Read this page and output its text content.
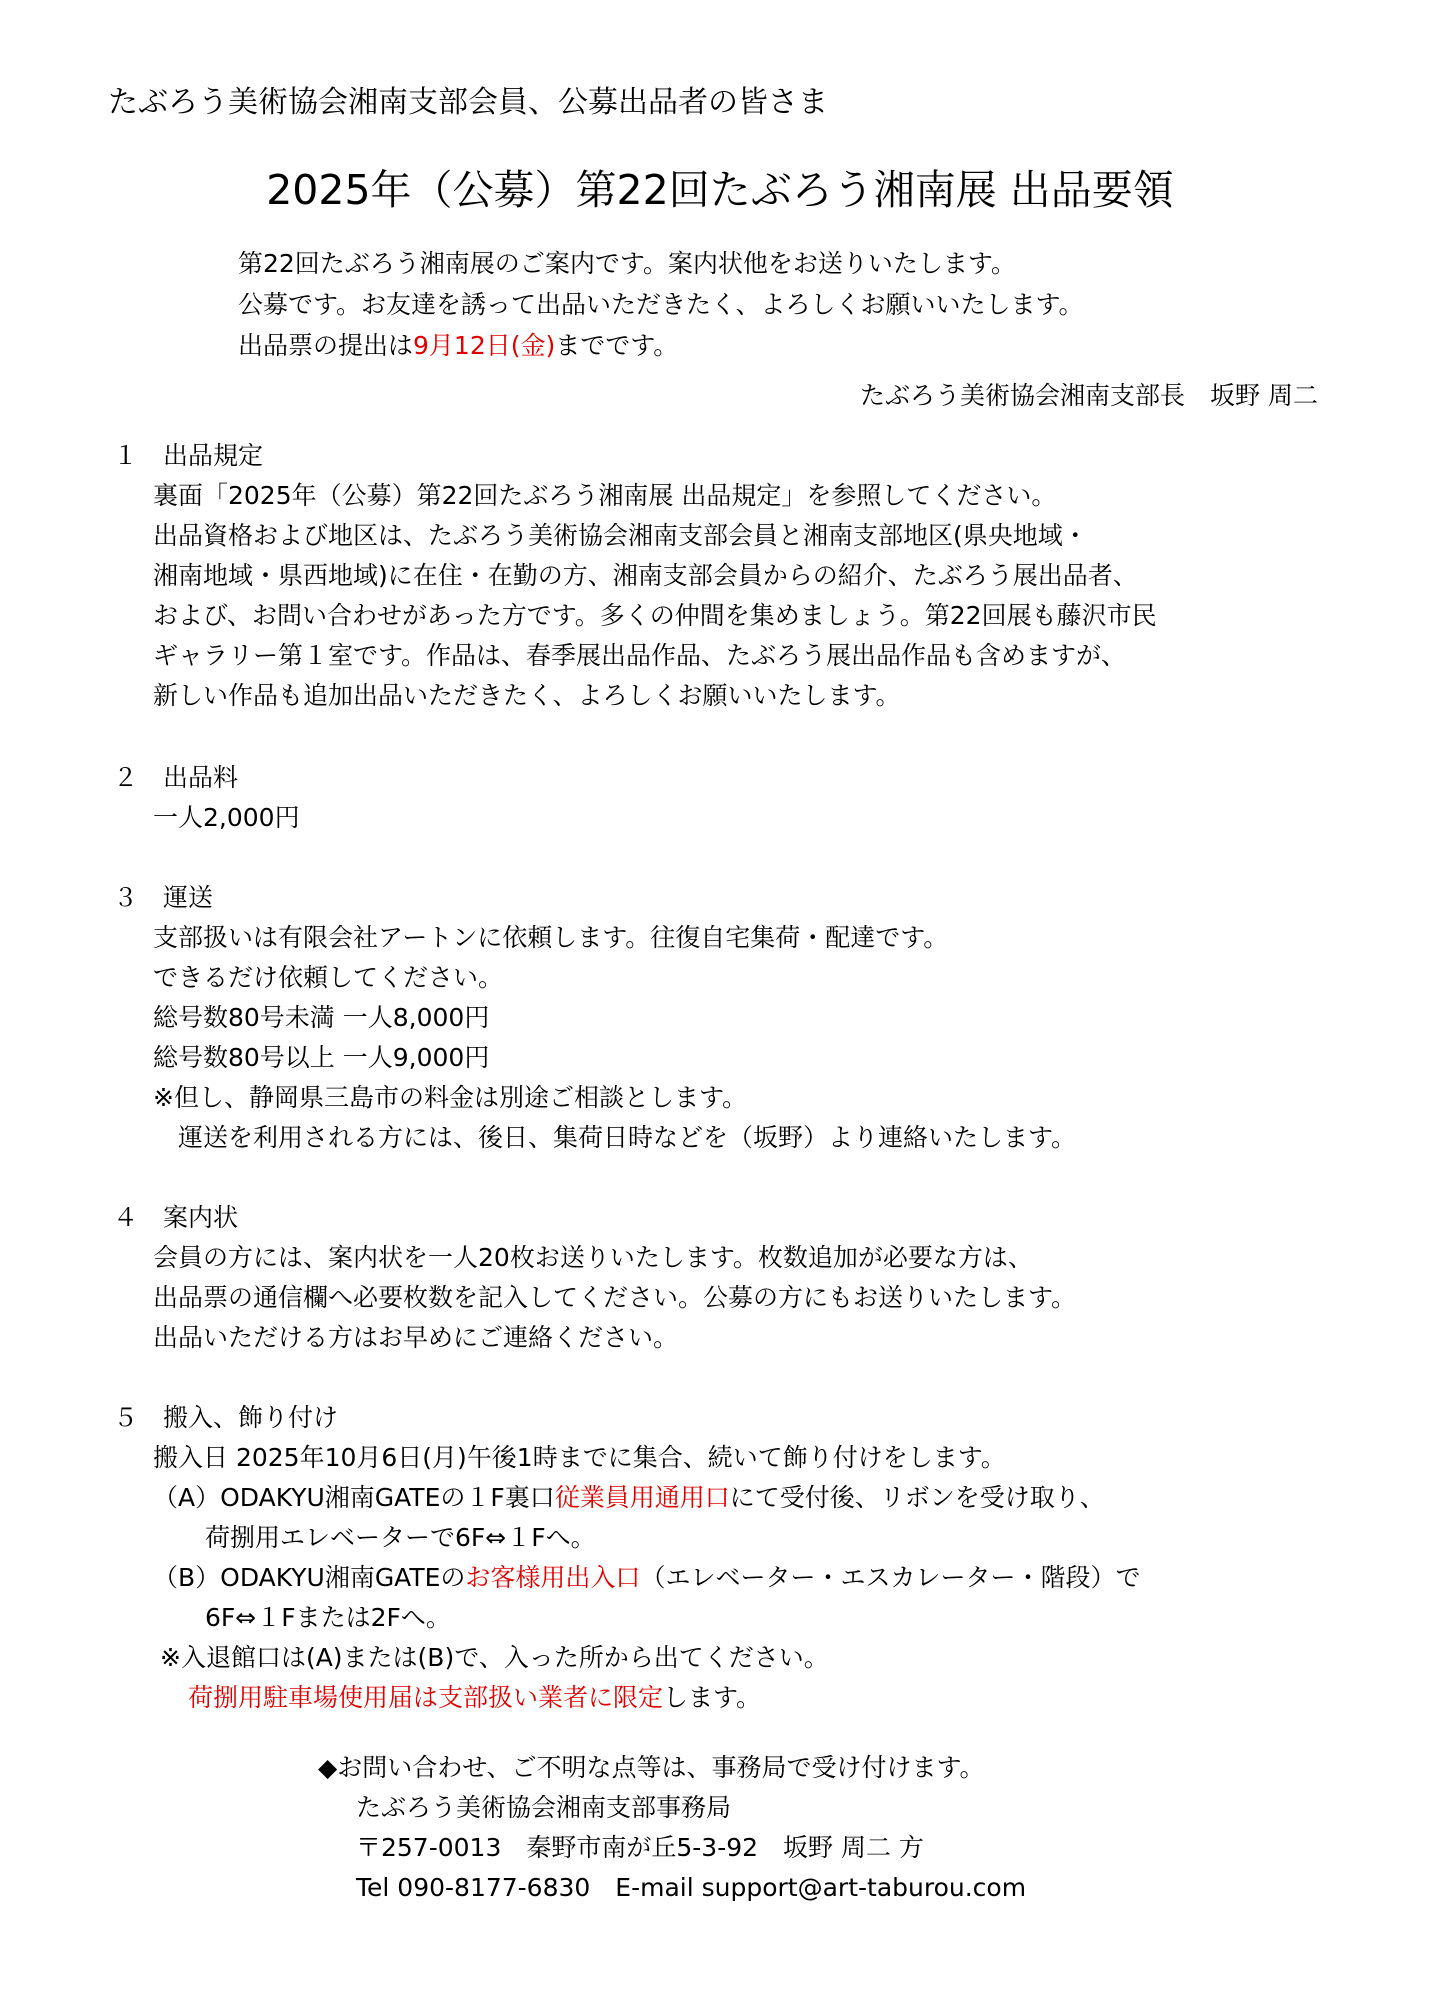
たぶろう美術協会湘南支部会員、公募出品者の皆さま
2025年（公募）第22回たぶろう湘南展 出品要領
第22回たぶろう湘南展のご案内です。案内状他をお送りいたします。
公募です。お友達を誘って出品いただきたく、よろしくお願いいたします。
出品票の提出は9月12日(金)までです。
たぶろう美術協会湘南支部長　坂野 周二
１　出品規定
裏面「2025年（公募）第22回たぶろう湘南展 出品規定」を参照してください。
出品資格および地区は、たぶろう美術協会湘南支部会員と湘南支部地区(県央地域・
湘南地域・県西地域)に在住・在勤の方、湘南支部会員からの紹介、たぶろう展出品者、
および、お問い合わせがあった方です。多くの仲間を集めましょう。第22回展も藤沢市民
ギャラリー第１室です。作品は、春季展出品作品、たぶろう展出品作品も含めますが、
新しい作品も追加出品いただきたく、よろしくお願いいたします。
２　出品料
一人2,000円
３　運送
支部扱いは有限会社アートンに依頼します。往復自宅集荷・配達です。
できるだけ依頼してください。
総号数80号未満 一人8,000円
総号数80号以上 一人9,000円
※但し、静岡県三島市の料金は別途ご相談とします。
　運送を利用される方には、後日、集荷日時などを（坂野）より連絡いたします。
４　案内状
会員の方には、案内状を一人20枚お送りいたします。枚数追加が必要な方は、
出品票の通信欄へ必要枚数を記入してください。公募の方にもお送りいたします。
出品いただける方はお早めにご連絡ください。
５　搬入、飾り付け
搬入日 2025年10月6日(月)午後1時までに集合、続いて飾り付けをします。
（A）ODAKYU湘南GATEの１F裏口従業員用通用口にて受付後、リボンを受け取り、
荷捌用エレベーターで6F⇔１Fへ。
（B）ODAKYU湘南GATEのお客様用出入口（エレベーター・エスカレーター・階段）で
6F⇔１Fまたは2Fへ。
※入退館口は(A)または(B)で、入った所から出てください。
荷捌用駐車場使用届は支部扱い業者に限定します。
◆お問い合わせ、ご不明な点等は、事務局で受け付けます。
たぶろう美術協会湘南支部事務局
〒257-0013　秦野市南が丘5-3-92　坂野 周二 方
Tel 090-8177-6830　E-mail support@art-taburou.com
